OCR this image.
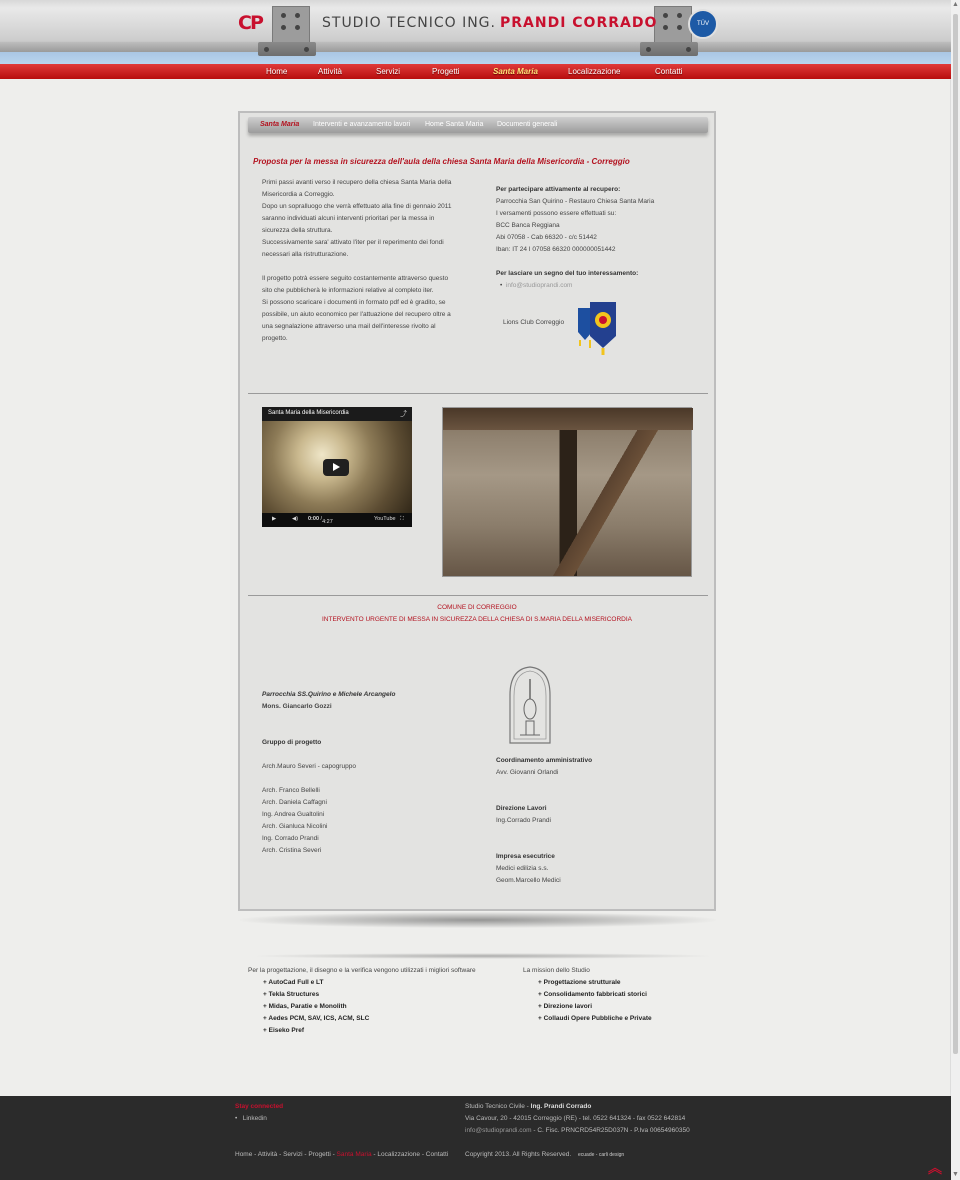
▲
▼
CP	STUDIO TECNICO ING. PRANDI CORRADO	TÜV
Home	Attività	Servizi	Progetti	Santa Maria	Localizzazione	Contatti
Santa Maria Interventi e avanzamento lavori Home Santa Maria Documenti generali
Proposta per la messa in sicurezza dell'aula della chiesa Santa Maria della Misericordia - Correggio
Primi passi avanti verso il recupero della chiesa Santa Maria della
Misericordia a Correggio.
Dopo un sopralluogo che verrà effettuato alla fine di gennaio 2011
saranno individuati alcuni interventi prioritari per la messa in
sicurezza della struttura.
Successivamente sara' attivato l'iter per il reperimento dei fondi
necessari alla ristrutturazione.
Il progetto potrà essere seguito costantemente attraverso questo
sito che pubblicherà le informazioni relative al completo iter.
Si possono scaricare i documenti in formato pdf ed è gradito, se
possibile, un aiuto economico per l'attuazione del recupero oltre a
una segnalazione attraverso una mail dell'interesse rivolto al
progetto.
Per partecipare attivamente al recupero:
Parrocchia San Quirino - Restauro Chiesa Santa Maria
I versamenti possono essere effettuati su:
BCC Banca Reggiana
Abi 07058 - Cab 66320 - c/c 51442
Iban: IT 24 I 07058 66320 000000051442
Per lasciare un segno del tuo interessamento:
•  info@studioprandi.com
Lions Club Correggio
Santa Maria della Misericordia	⤴
▶	◀) 0:00 / 4:27	YouTube ⛶
COMUNE DI CORREGGIO
INTERVENTO URGENTE DI MESSA IN SICUREZZA DELLA CHIESA DI S.MARIA DELLA MISERICORDIA
Parrocchia SS.Quirino e Michele Arcangelo
Mons. Giancarlo Gozzi
Gruppo di progetto
Arch.Mauro Severi - capogruppo
Arch. Franco Bellelli
Arch. Daniela Caffagni
Ing. Andrea Gualtolini
Arch. Gianluca Nicolini
Ing. Corrado Prandi
Arch. Cristina Severi
Coordinamento amministrativo
Avv. Giovanni Orlandi
Direzione Lavori
Ing.Corrado Prandi
Impresa esecutrice
Medici edilizia s.s.
Geom.Marcello Medici
Per la progettazione, il disegno e la verifica vengono utilizzati i migliori software
+ AutoCad Full e LT
+ Tekla Structures
+ Midas, Paratie e Monolith
+ Aedes PCM, SAV, ICS, ACM, SLC
+ Eiseko Pref
La mission dello Studio
+ Progettazione strutturale
+ Consolidamento fabbricati storici
+ Direzione lavori
+ Collaudi Opere Pubbliche e Private
Stay connected
•   Linkedin
Studio Tecnico Civile - Ing. Prandi Corrado
Via Cavour, 20 - 42015 Correggio (RE) - tel. 0522 641324 - fax 0522 642814
info@studioprandi.com - C. Fisc. PRNCRD54R25D037N - P.Iva 00654960350
Home - Attività - Servizi - Progetti - Santa Maria - Localizzazione - Contatti	Copyright 2013. All Rights Reserved. ecuade - carli design
︽
